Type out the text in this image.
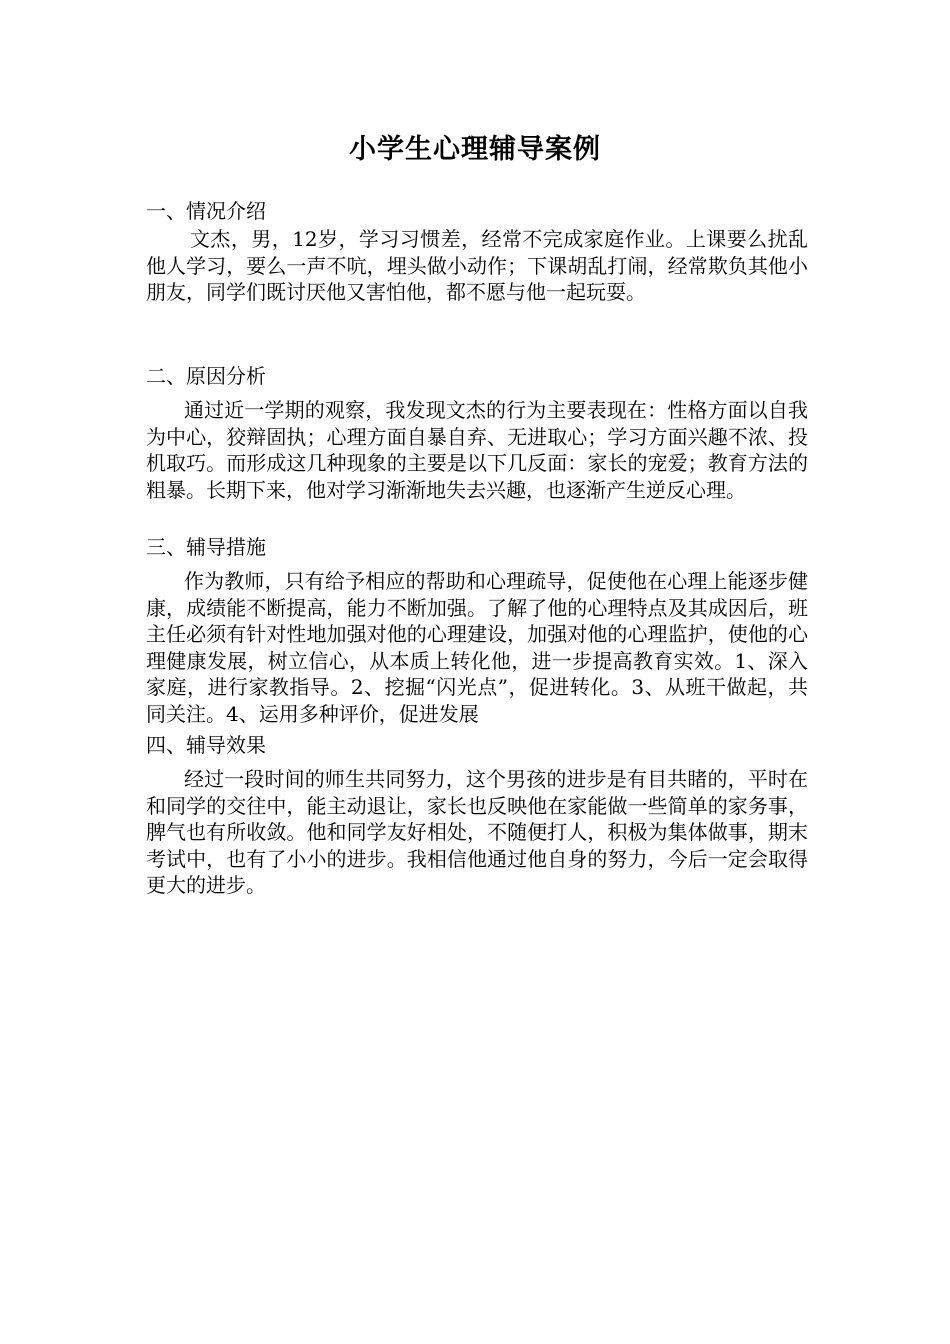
小学生心理辅导案例
一、情况介绍
文杰，男，12岁，学习习惯差，经常不完成家庭作业。上课要么扰乱他人学习，要么一声不吭，埋头做小动作；下课胡乱打闹，经常欺负其他小朋友，同学们既讨厌他又害怕他，都不愿与他一起玩耍。
二、原因分析
通过近一学期的观察，我发现文杰的行为主要表现在：性格方面以自我为中心，狡辩固执；心理方面自暴自弃、无进取心；学习方面兴趣不浓、投机取巧。而形成这几种现象的主要是以下几反面：家长的宠爱；教育方法的粗暴。长期下来，他对学习渐渐地失去兴趣，也逐渐产生逆反心理。
三、辅导措施
作为教师，只有给予相应的帮助和心理疏导，促使他在心理上能逐步健康，成绩能不断提高，能力不断加强。了解了他的心理特点及其成因后，班主任必须有针对性地加强对他的心理建设，加强对他的心理监护，使他的心理健康发展，树立信心，从本质上转化他，进一步提高教育实效。1、深入家庭，进行家教指导。2、挖掘“闪光点”，促进转化。3、从班干做起，共同关注。4、运用多种评价，促进发展
四、辅导效果
经过一段时间的师生共同努力，这个男孩的进步是有目共睹的，平时在和同学的交往中，能主动退让，家长也反映他在家能做一些简单的家务事，脾气也有所收敛。他和同学友好相处，不随便打人，积极为集体做事，期末考试中，也有了小小的进步。我相信他通过他自身的努力，今后一定会取得更大的进步。
